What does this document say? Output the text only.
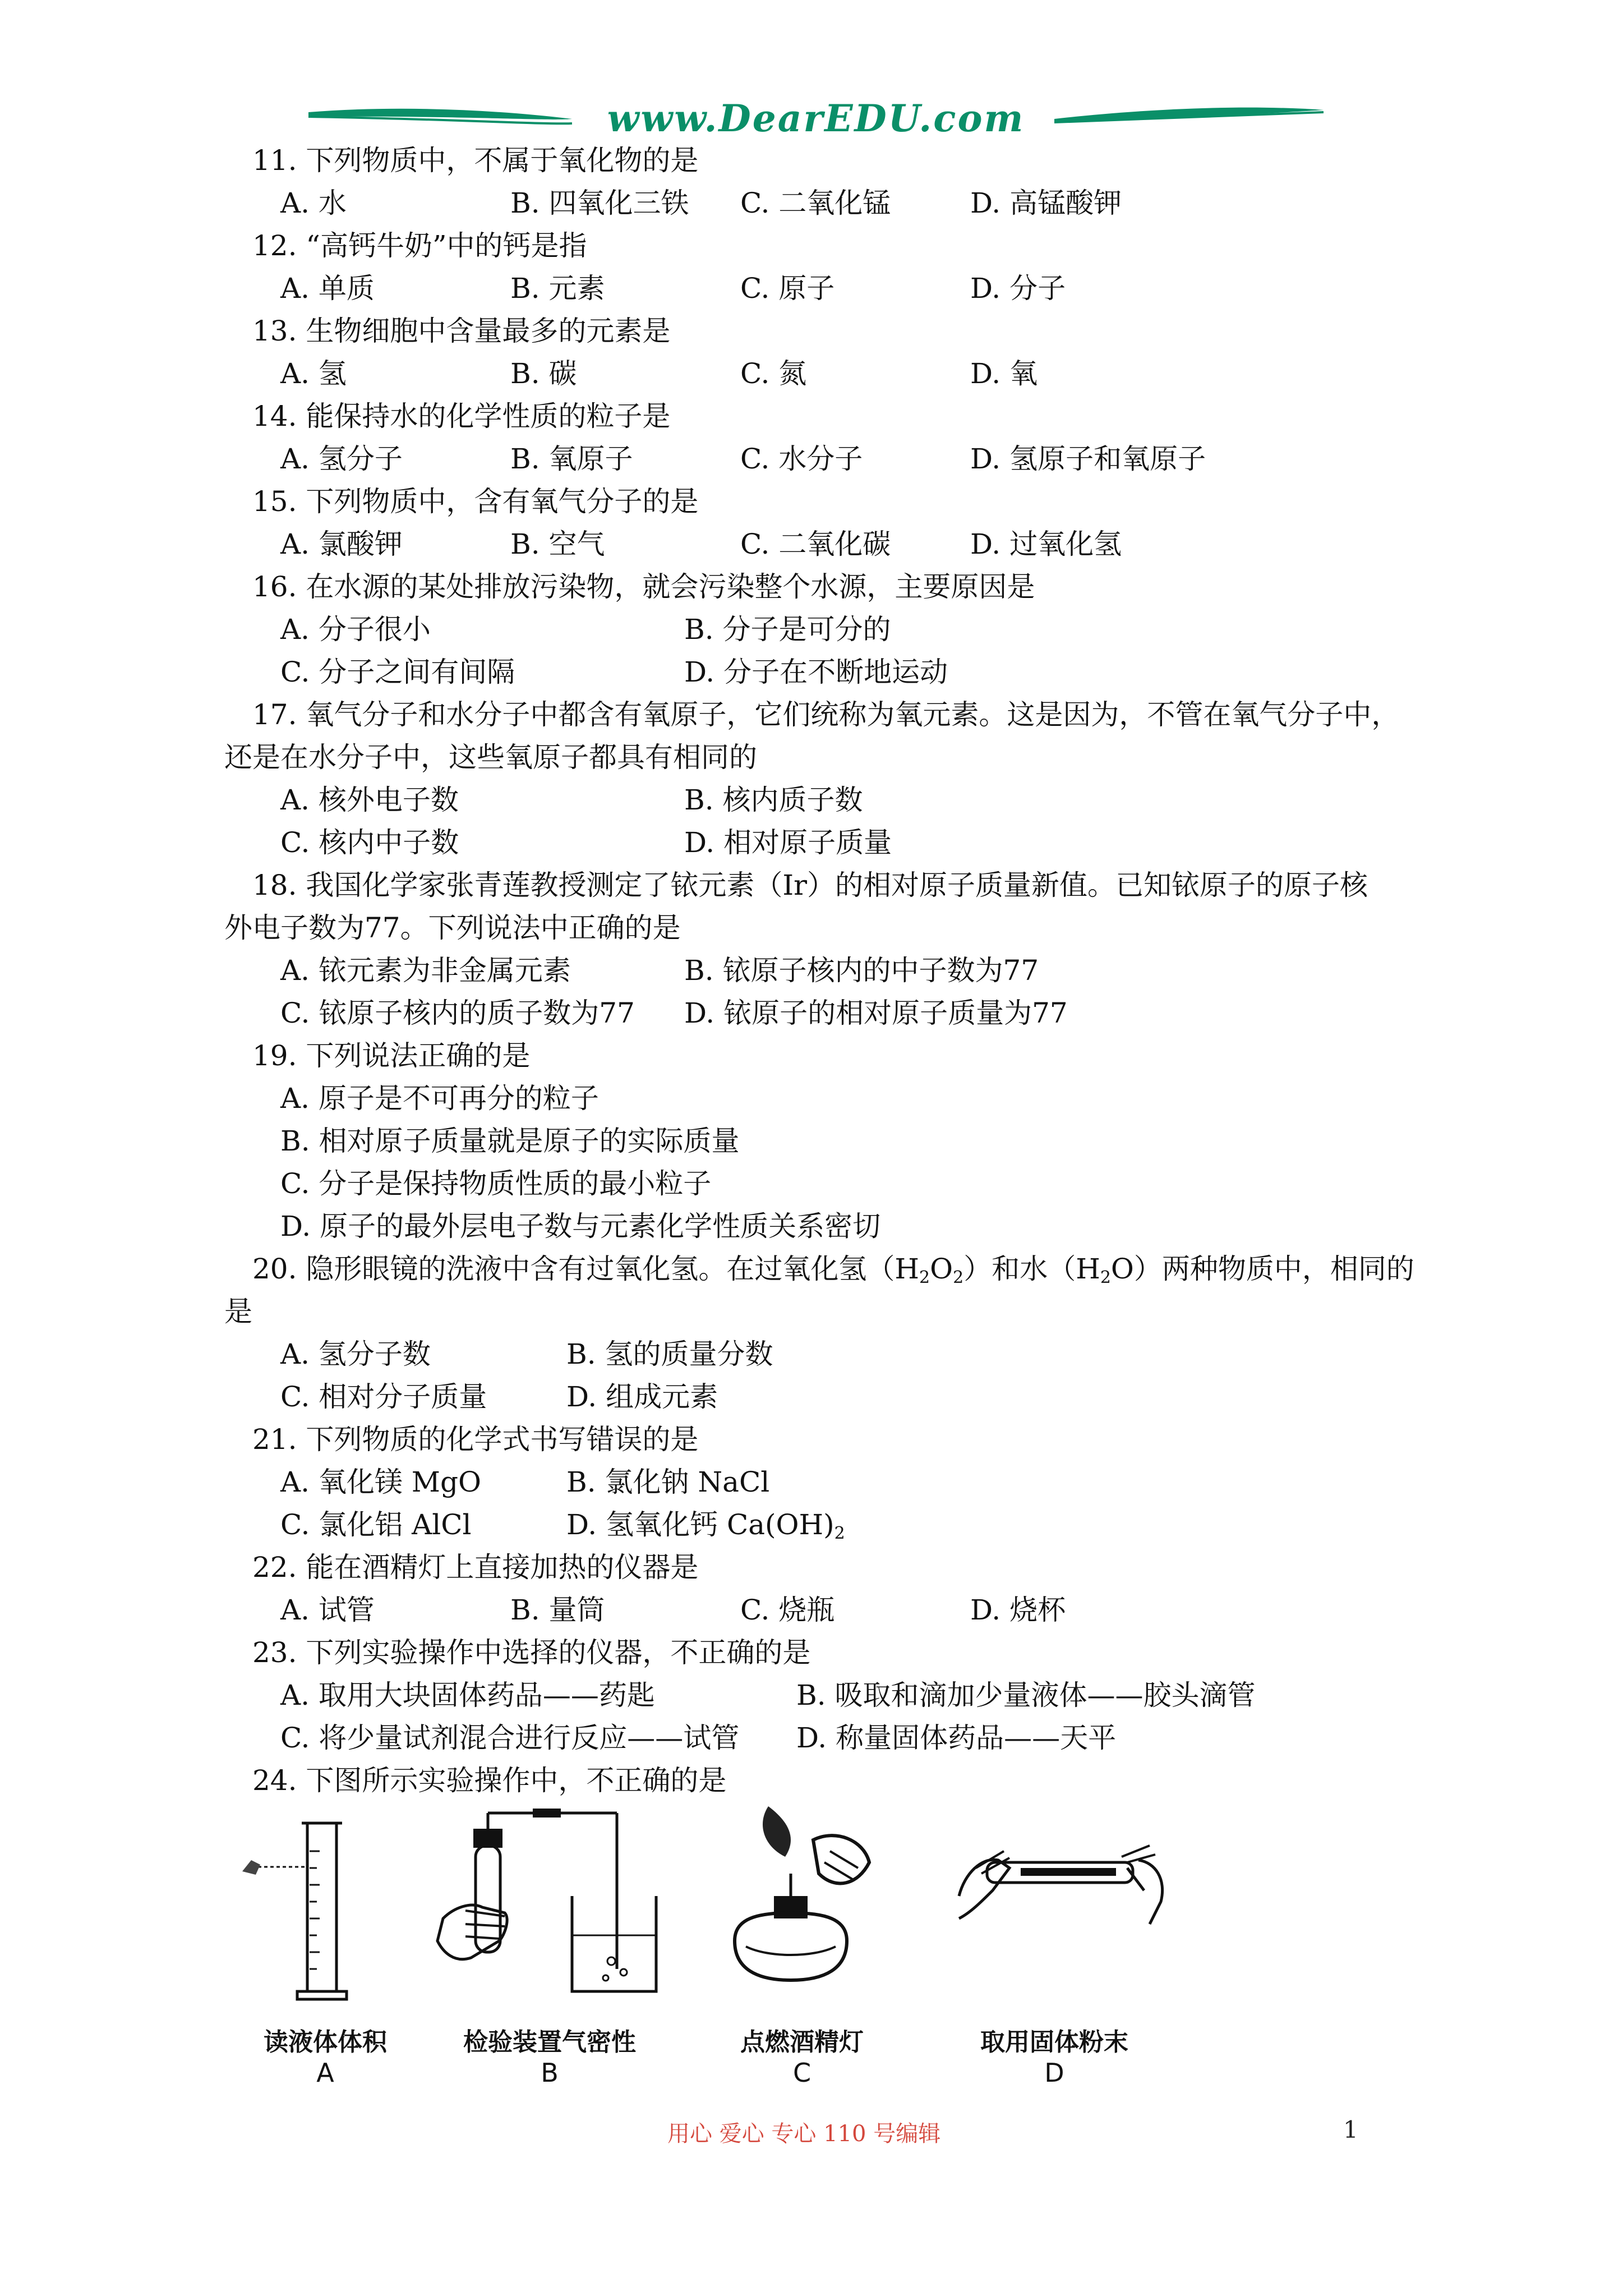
www.DearEDU.com
11. 下列物质中，不属于氧化物的是
A. 水	B. 四氧化三铁	C. 二氧化锰	D. 高锰酸钾
12. “高钙牛奶”中的钙是指
A. 单质	B. 元素	C. 原子	D. 分子
13. 生物细胞中含量最多的元素是
A. 氢	B. 碳	C. 氮	D. 氧
14. 能保持水的化学性质的粒子是
A. 氢分子	B. 氧原子	C. 水分子	D. 氢原子和氧原子
15. 下列物质中，含有氧气分子的是
A. 氯酸钾	B. 空气	C. 二氧化碳	D. 过氧化氢
16. 在水源的某处排放污染物，就会污染整个水源，主要原因是
A. 分子很小	B. 分子是可分的
C. 分子之间有间隔	D. 分子在不断地运动
17. 氧气分子和水分子中都含有氧原子，它们统称为氧元素。这是因为，不管在氧气分子中，
还是在水分子中，这些氧原子都具有相同的
A. 核外电子数	B. 核内质子数
C. 核内中子数	D. 相对原子质量
18. 我国化学家张青莲教授测定了铱元素（Ir）的相对原子质量新值。已知铱原子的原子核
外电子数为77。下列说法中正确的是
A. 铱元素为非金属元素	B. 铱原子核内的中子数为77
C. 铱原子核内的质子数为77	D. 铱原子的相对原子质量为77
19. 下列说法正确的是
A. 原子是不可再分的粒子
B. 相对原子质量就是原子的实际质量
C. 分子是保持物质性质的最小粒子
D. 原子的最外层电子数与元素化学性质关系密切
20. 隐形眼镜的洗液中含有过氧化氢。在过氧化氢$(H_2O_2)$和水$(H_2O)$两种物质中，相同的
是
A. 氢分子数	B. 氢的质量分数
C. 相对分子质量	D. 组成元素
21. 下列物质的化学式书写错误的是
A. 氧化镁 MgO	B. 氯化钠 NaCl
C. 氯化铝 AlCl	D. 氢氧化钙 $Ca(OH)_2$
22. 能在酒精灯上直接加热的仪器是
A. 试管	B. 量筒	C. 烧瓶	D. 烧杯
23. 下列实验操作中选择的仪器，不正确的是
A. 取用大块固体药品——药匙	B. 吸取和滴加少量液体——胶头滴管
C. 将少量试剂混合进行反应——试管	D. 称量固体药品——天平
24. 下图所示实验操作中，不正确的是
读液体体积
A
检验装置气密性
B
点燃酒精灯
C
取用固体粉末
D
用心 爱心 专心 110 号编辑	1
